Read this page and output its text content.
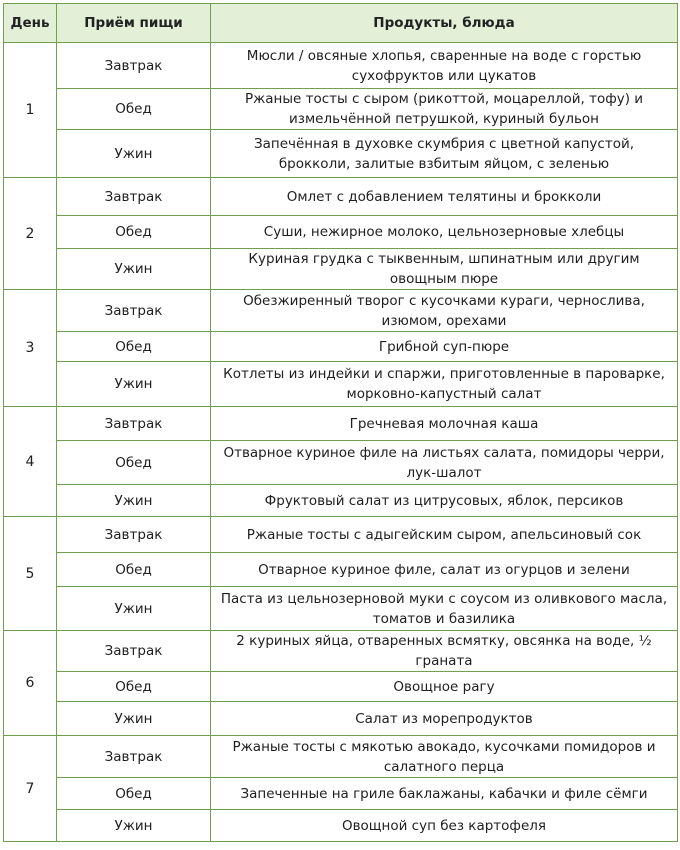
День	Приём пищи	Продукты, блюда
1	Завтрак	Мюсли / овсяные хлопья, сваренные на воде с горстью сухофруктов или цукатов
	Обед	Ржаные тосты с сыром (рикоттой, моцареллой, тофу) и измельчённой петрушкой, куриный бульон
	Ужин	Запечённая в духовке скумбрия с цветной капустой, брокколи, залитые взбитым яйцом, с зеленью
2	Завтрак	Омлет с добавлением телятины и брокколи
	Обед	Суши, нежирное молоко, цельнозерновые хлебцы
	Ужин	Куриная грудка с тыквенным, шпинатным или другим овощным пюре
3	Завтрак	Обезжиренный творог с кусочками кураги, чернослива, изюмом, орехами
	Обед	Грибной суп-пюре
	Ужин	Котлеты из индейки и спаржи, приготовленные в пароварке, морковно-капустный салат
4	Завтрак	Гречневая молочная каша
	Обед	Отварное куриное филе на листьях салата, помидоры черри, лук-шалот
	Ужин	Фруктовый салат из цитрусовых, яблок, персиков
5	Завтрак	Ржаные тосты с адыгейским сыром, апельсиновый сок
	Обед	Отварное куриное филе, салат из огурцов и зелени
	Ужин	Паста из цельнозерновой муки с соусом из оливкового масла, томатов и базилика
6	Завтрак	2 куриных яйца, отваренных всмятку, овсянка на воде, ½ граната
	Обед	Овощное рагу
	Ужин	Салат из морепродуктов
7	Завтрак	Ржаные тосты с мякотью авокадо, кусочками помидоров и салатного перца
	Обед	Запеченные на гриле баклажаны, кабачки и филе сёмги
	Ужин	Овощной суп без картофеля
